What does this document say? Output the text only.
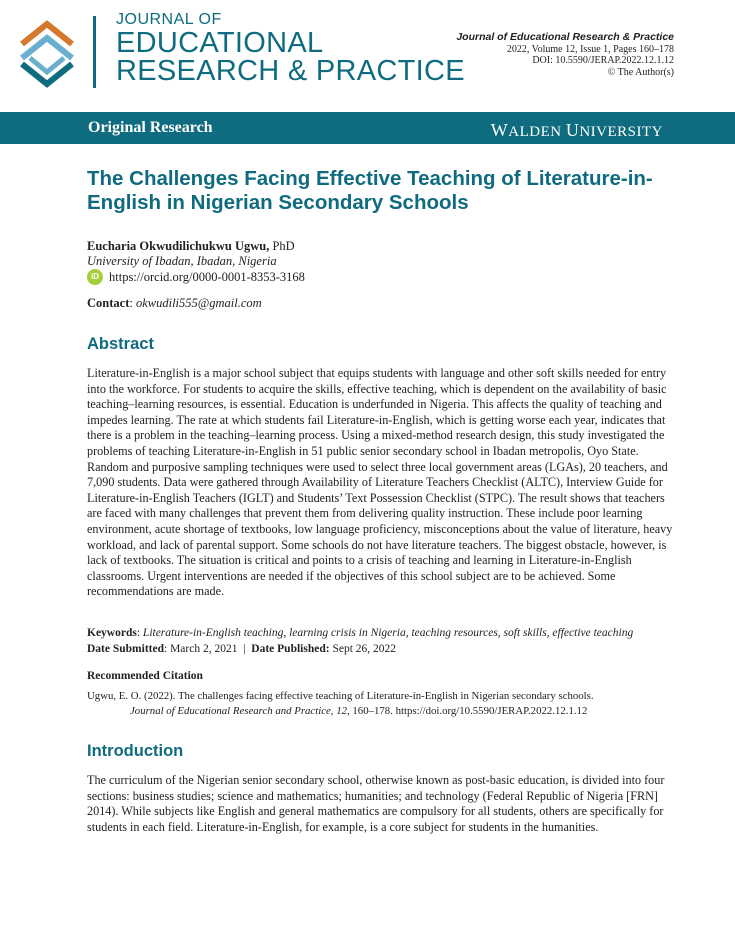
JOURNAL OF
EDUCATIONAL
RESEARCH & PRACTICE
Journal of Educational Research & Practice
2022, Volume 12, Issue 1, Pages 160–178
DOI: 10.5590/JERAP.2022.12.1.12
© The Author(s)
Original Research	WALDEN UNIVERSITY
The Challenges Facing Effective Teaching of Literature-in-English in Nigerian Secondary Schools
Eucharia Okwudilichukwu Ugwu, PhD
University of Ibadan, Ibadan, Nigeria
iD https://orcid.org/0000-0001-8353-3168
Contact: okwudili555@gmail.com
Abstract

Literature-in-English is a major school subject that equips students with language and other soft skills needed for entry into the workforce. For students to acquire the skills, effective teaching, which is dependent on the availability of basic teaching–learning resources, is essential. Education is underfunded in Nigeria. This affects the quality of teaching and impedes learning. The rate at which students fail Literature-in-English, which is getting worse each year, indicates that there is a problem in the teaching–learning process. Using a mixed-method research design, this study investigated the problems of teaching Literature-in-English in 51 public senior secondary school in Ibadan metropolis, Oyo State. Random and purposive sampling techniques were used to select three local government areas (LGAs), 20 teachers, and 7,090 students. Data were gathered through Availability of Literature Teachers Checklist (ALTC), Interview Guide for Literature-in-English Teachers (IGLT) and Students’ Text Possession Checklist (STPC). The result shows that teachers are faced with many challenges that prevent them from delivering quality instruction. These include poor learning environment, acute shortage of textbooks, low language proficiency, misconceptions about the value of literature, heavy workload, and lack of parental support. Some schools do not have literature teachers. The biggest obstacle, however, is lack of textbooks. The situation is critical and points to a crisis of teaching and learning in Literature-in-English classrooms. Urgent interventions are needed if the objectives of this school subject are to be achieved. Some recommendations are made.

Keywords: Literature-in-English teaching, learning crisis in Nigeria, teaching resources, soft skills, effective teaching
Date Submitted: March 2, 2021  |  Date Published: Sept 26, 2022
Recommended Citation
Ugwu, E. O. (2022). The challenges facing effective teaching of Literature-in-English in Nigerian secondary schools.
Journal of Educational Research and Practice, 12, 160–178. https://doi.org/10.5590/JERAP.2022.12.1.12
Introduction

The curriculum of the Nigerian senior secondary school, otherwise known as post-basic education, is divided into four sections: business studies; science and mathematics; humanities; and technology (Federal Republic of Nigeria [FRN] 2014). While subjects like English and general mathematics are compulsory for all students, others are specifically for students in each field. Literature-in-English, for example, is a core subject for students in the humanities.
